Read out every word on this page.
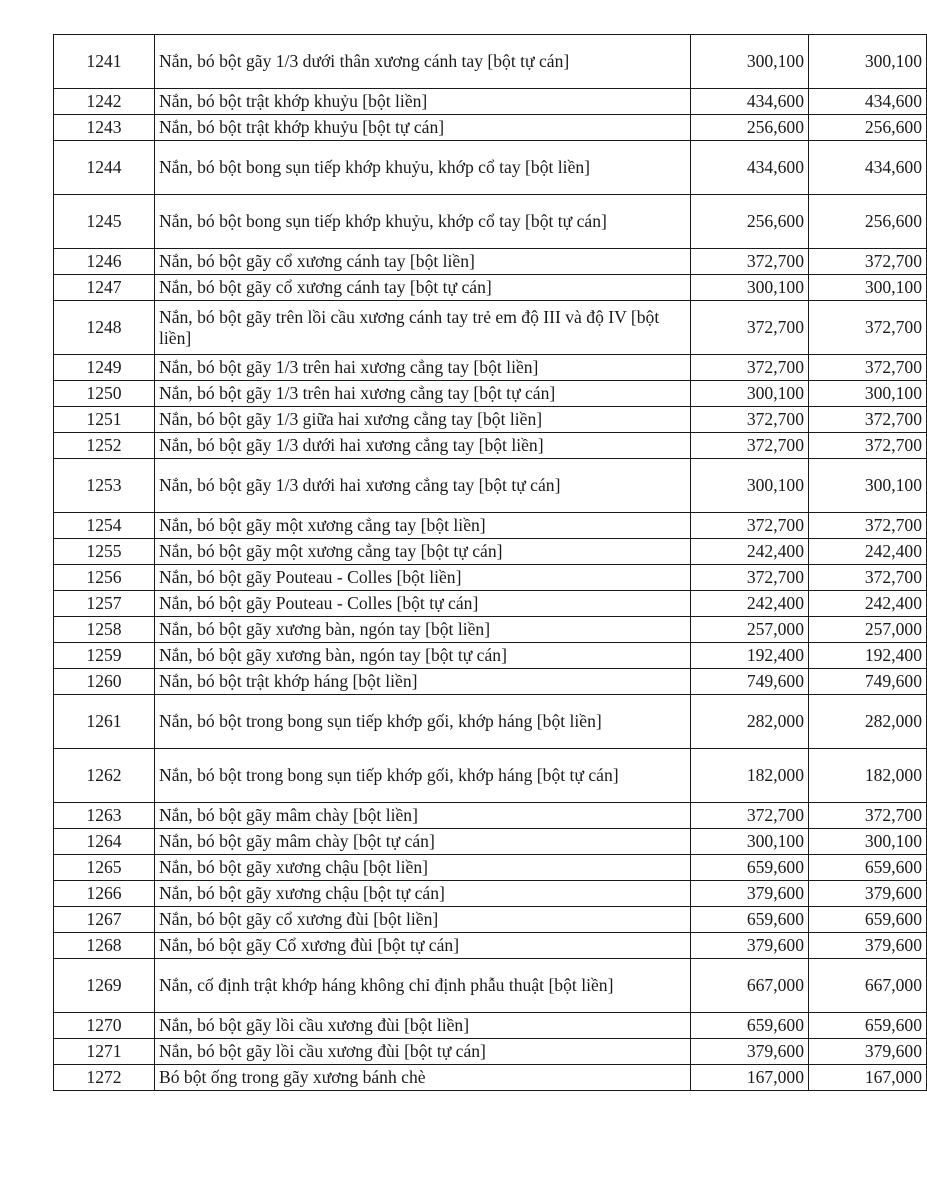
1241	Nắn, bó bột gãy 1/3 dưới thân xương cánh tay [bột tự cán]	300,100	300,100
1242	Nắn, bó bột trật khớp khuỷu [bột liền]	434,600	434,600
1243	Nắn, bó bột trật khớp khuỷu [bột tự cán]	256,600	256,600
1244	Nắn, bó bột bong sụn tiếp khớp khuỷu, khớp cổ tay [bột liền]	434,600	434,600
1245	Nắn, bó bột bong sụn tiếp khớp khuỷu, khớp cổ tay [bột tự cán]	256,600	256,600
1246	Nắn, bó bột gãy cổ xương cánh tay [bột liền]	372,700	372,700
1247	Nắn, bó bột gãy cổ xương cánh tay [bột tự cán]	300,100	300,100
1248	Nắn, bó bột gãy trên lồi cầu xương cánh tay trẻ em độ III và độ IV [bột liền]	372,700	372,700
1249	Nắn, bó bột gãy 1/3 trên hai xương cẳng tay [bột liền]	372,700	372,700
1250	Nắn, bó bột gãy 1/3 trên hai xương cẳng tay [bột tự cán]	300,100	300,100
1251	Nắn, bó bột gãy 1/3 giữa hai xương cẳng tay [bột liền]	372,700	372,700
1252	Nắn, bó bột gãy 1/3 dưới hai xương cẳng tay [bột liền]	372,700	372,700
1253	Nắn, bó bột gãy 1/3 dưới hai xương cẳng tay [bột tự cán]	300,100	300,100
1254	Nắn, bó bột gãy một xương cẳng tay [bột liền]	372,700	372,700
1255	Nắn, bó bột gãy một xương cẳng tay [bột tự cán]	242,400	242,400
1256	Nắn, bó bột gãy Pouteau - Colles [bột liền]	372,700	372,700
1257	Nắn, bó bột gãy Pouteau - Colles [bột tự cán]	242,400	242,400
1258	Nắn, bó bột gãy xương bàn, ngón tay [bột liền]	257,000	257,000
1259	Nắn, bó bột gãy xương bàn, ngón tay [bột tự cán]	192,400	192,400
1260	Nắn, bó bột trật khớp háng [bột liền]	749,600	749,600
1261	Nắn, bó bột trong bong sụn tiếp khớp gối, khớp háng [bột liền]	282,000	282,000
1262	Nắn, bó bột trong bong sụn tiếp khớp gối, khớp háng [bột tự cán]	182,000	182,000
1263	Nắn, bó bột gãy mâm chày [bột liền]	372,700	372,700
1264	Nắn, bó bột gãy mâm chày [bột tự cán]	300,100	300,100
1265	Nắn, bó bột gãy xương chậu [bột liền]	659,600	659,600
1266	Nắn, bó bột gãy xương chậu [bột tự cán]	379,600	379,600
1267	Nắn, bó bột gãy cổ xương đùi [bột liền]	659,600	659,600
1268	Nắn, bó bột gãy Cổ xương đùi [bột tự cán]	379,600	379,600
1269	Nắn, cố định trật khớp háng không chỉ định phẫu thuật [bột liền]	667,000	667,000
1270	Nắn, bó bột gãy lồi cầu xương đùi [bột liền]	659,600	659,600
1271	Nắn, bó bột gãy lồi cầu xương đùi [bột tự cán]	379,600	379,600
1272	Bó bột ống trong gãy xương bánh chè	167,000	167,000
